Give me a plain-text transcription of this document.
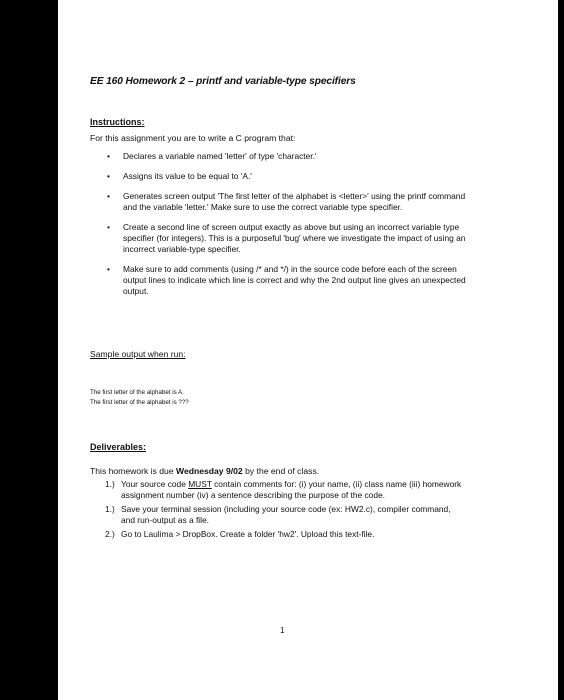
EE 160 Homework 2 – printf and variable-type specifiers
Instructions:
For this assignment you are to write a C program that:
• Declares a variable named 'letter' of type 'character.'
• Assigns its value to be equal to 'A.'
• Generates screen output 'The first letter of the alphabet is <letter>' using the printf command and the variable 'letter.' Make sure to use the correct variable type specifier.
• Create a second line of screen output exactly as above but using an incorrect variable type specifier (for integers). This is a purposeful 'bug' where we investigate the impact of using an incorrect variable-type specifier.
• Make sure to add comments (using /* and */) in the source code before each of the screen output lines to indicate which line is correct and why the 2nd output line gives an unexpected output.
Sample output when run:
The first letter of the alphabet is A.
The first letter of the alphabet is ???
Deliverables:
This homework is due Wednesday 9/02 by the end of class.
1.) Your source code MUST contain comments for: (i) your name, (ii) class name (iii) homework assignment number (iv) a sentence describing the purpose of the code.
1.) Save your terminal session (including your source code (ex: HW2.c), compiler command, and run-output as a file.
2.) Go to Laulima > DropBox. Create a folder 'hw2'. Upload this text-file.
1
